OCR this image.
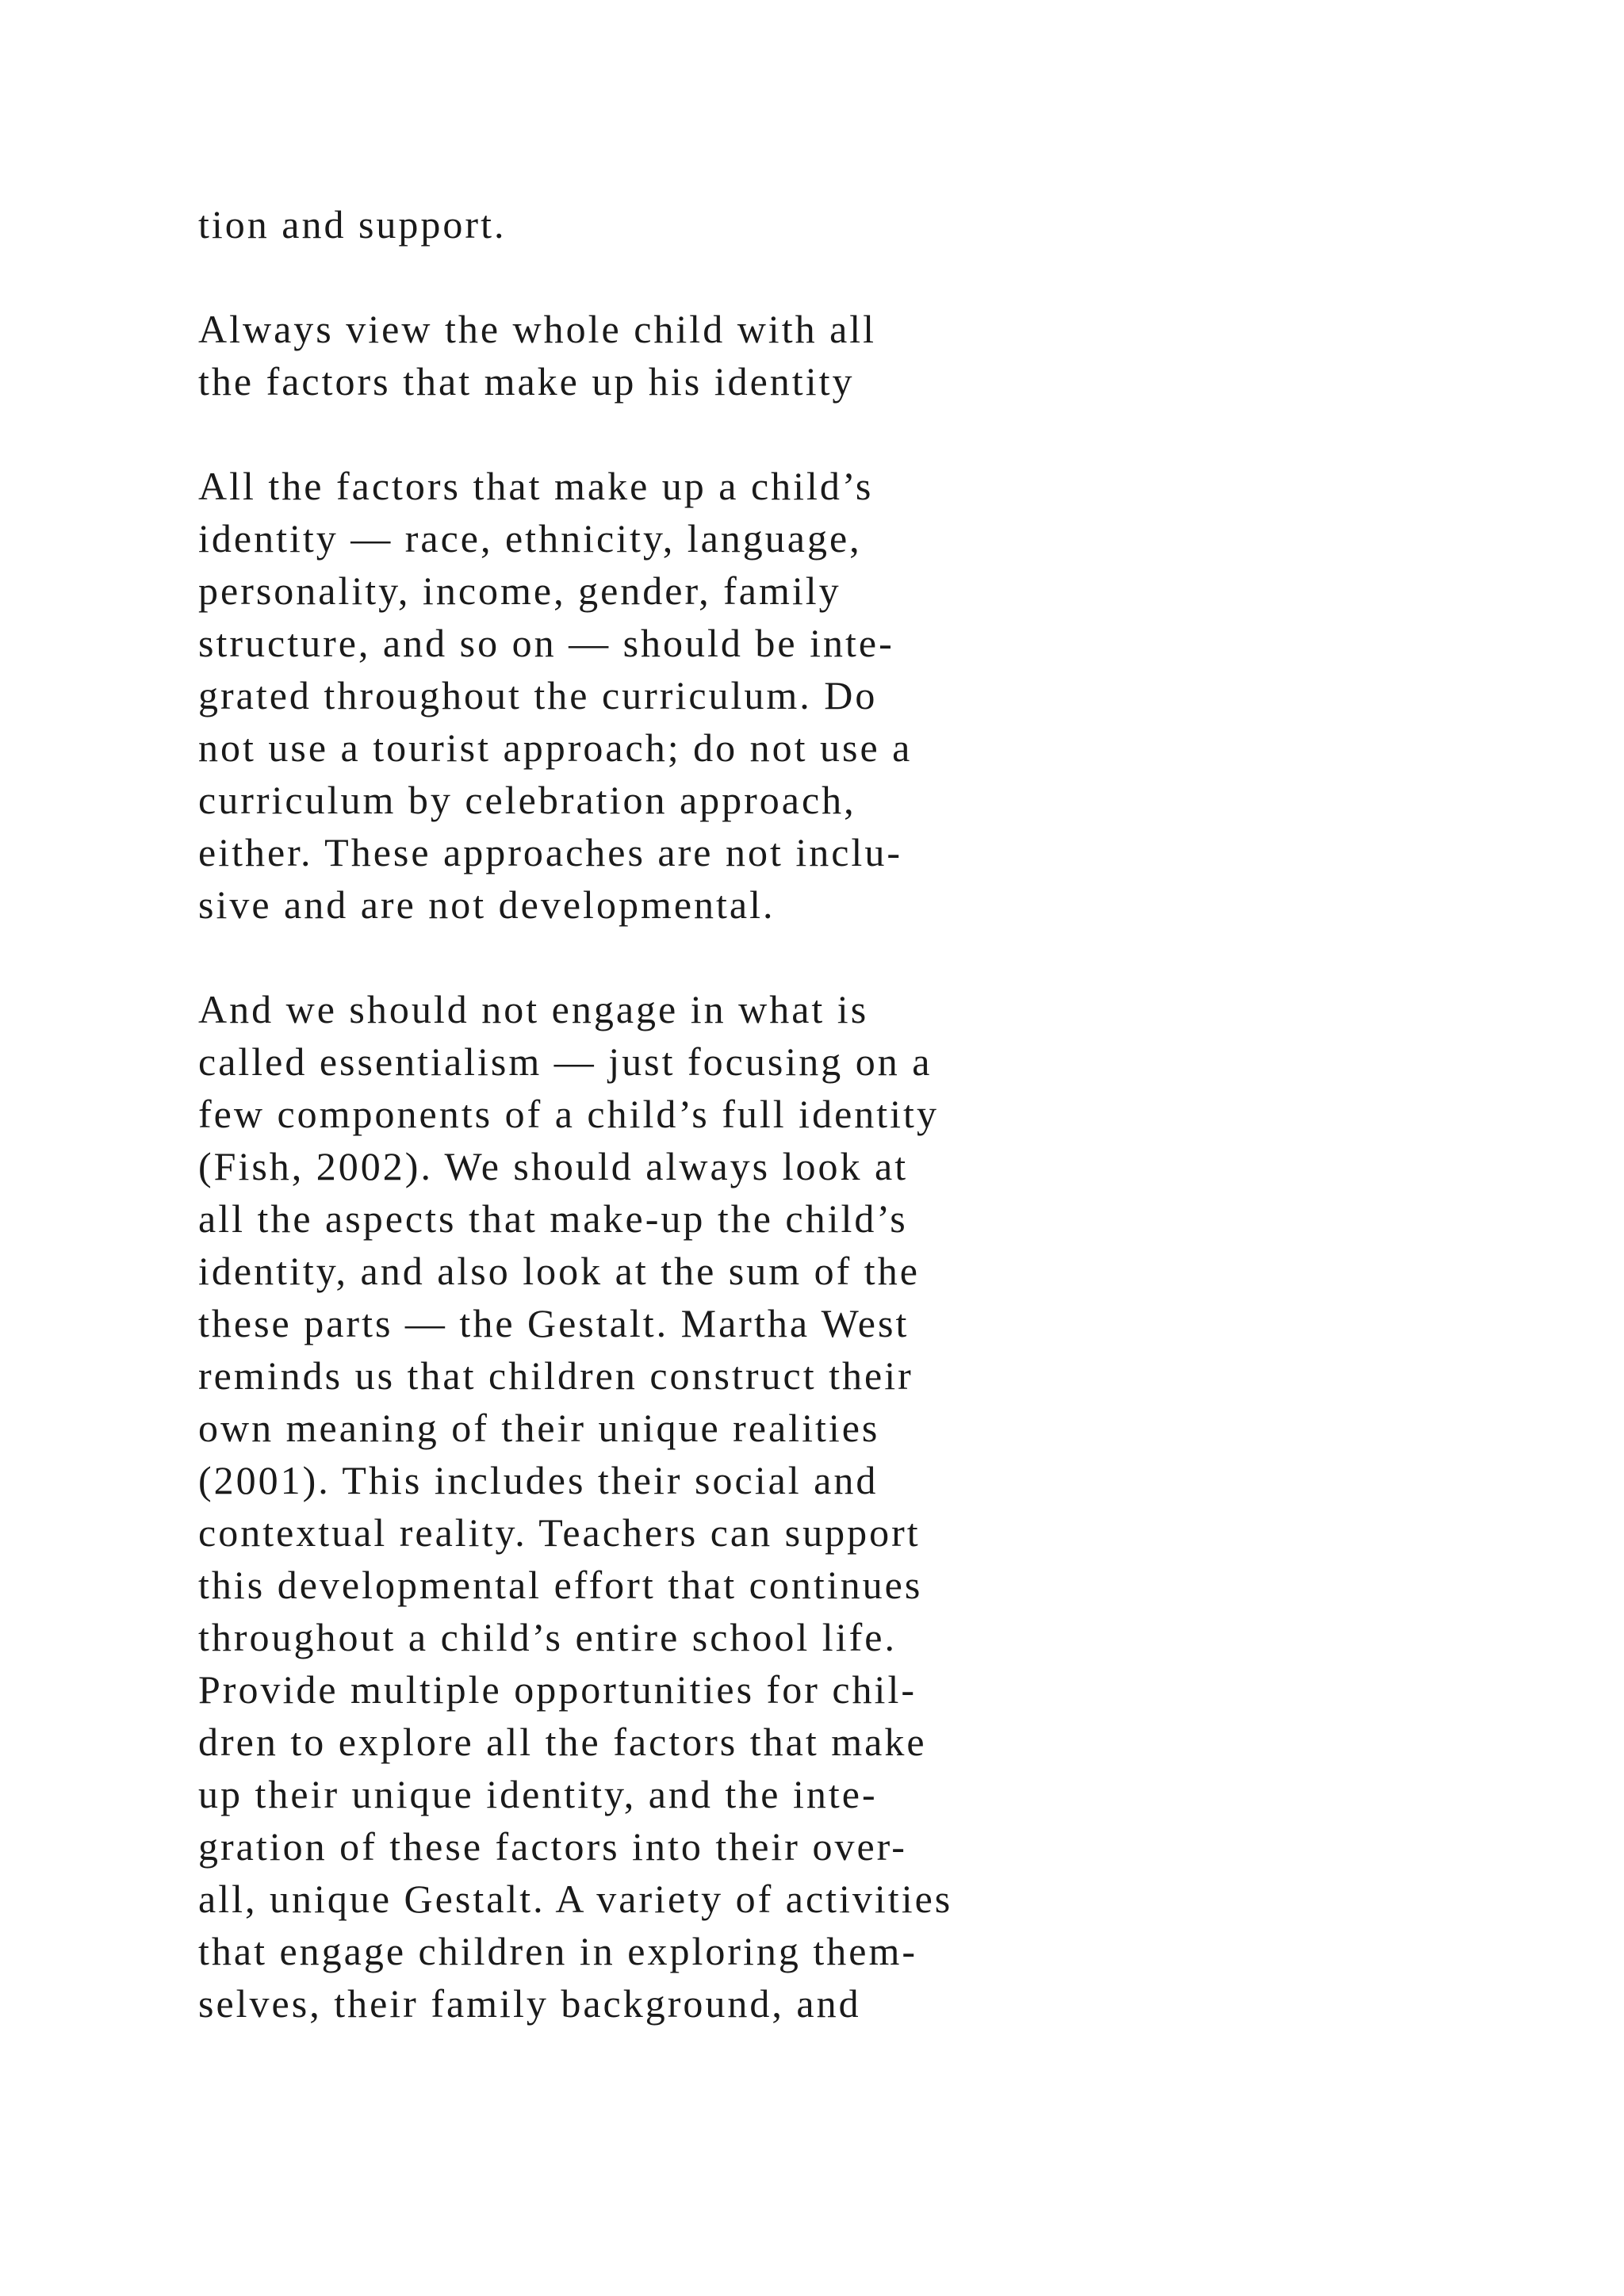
tion and support.

Always view the whole child with all
the factors that make up his identity

All the factors that make up a child’s
identity — race, ethnicity, language,
personality, income, gender, family
structure, and so on — should be inte-
grated throughout the curriculum. Do
not use a tourist approach; do not use a
curriculum by celebration approach,
either. These approaches are not inclu-
sive and are not developmental.

And we should not engage in what is
called essentialism — just focusing on a
few components of a child’s full identity
(Fish, 2002). We should always look at
all the aspects that make-up the child’s
identity, and also look at the sum of the
these parts — the Gestalt. Martha West
reminds us that children construct their
own meaning of their unique realities
(2001). This includes their social and
contextual reality. Teachers can support
this developmental effort that continues
throughout a child’s entire school life.
Provide multiple opportunities for chil-
dren to explore all the factors that make
up their unique identity, and the inte-
gration of these factors into their over-
all, unique Gestalt. A variety of activities
that engage children in exploring them-
selves, their family background, and
